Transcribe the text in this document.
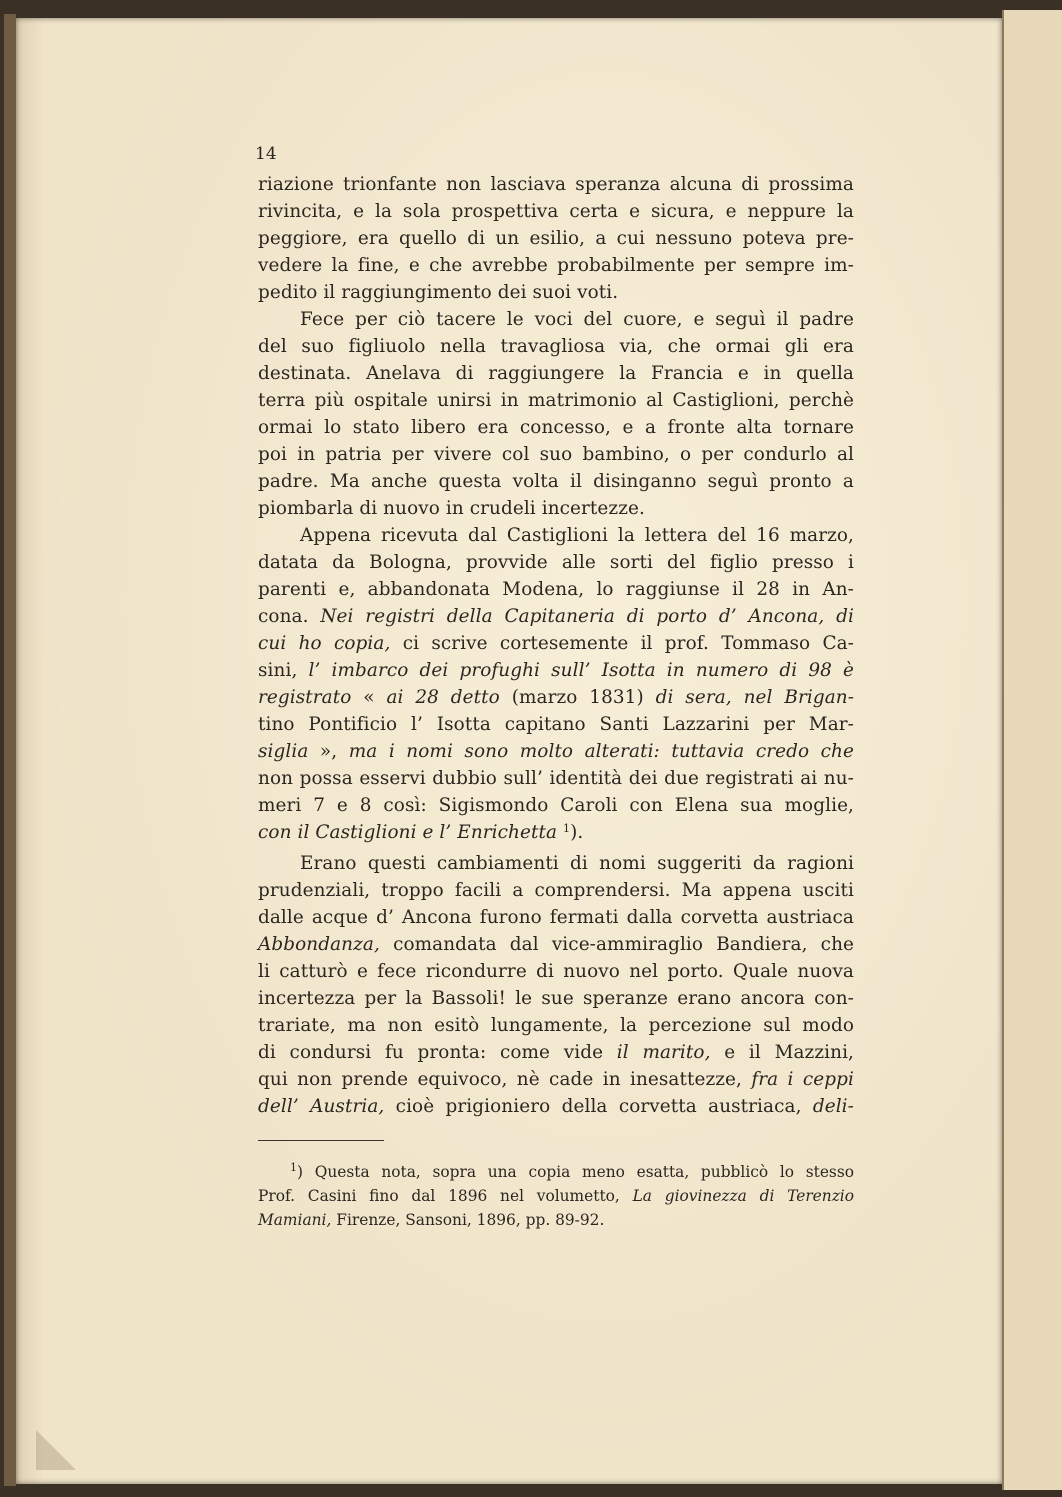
14
riazione trionfante non lasciava speranza alcuna di prossima
rivincita, e la sola prospettiva certa e sicura, e neppure la
peggiore, era quello di un esilio, a cui nessuno poteva pre-
vedere la fine, e che avrebbe probabilmente per sempre im-
pedito il raggiungimento dei suoi voti.
Fece per ciò tacere le voci del cuore, e seguì il padre
del suo figliuolo nella travagliosa via, che ormai gli era
destinata. Anelava di raggiungere la Francia e in quella
terra più ospitale unirsi in matrimonio al Castiglioni, perchè
ormai lo stato libero era concesso, e a fronte alta tornare
poi in patria per vivere col suo bambino, o per condurlo al
padre. Ma anche questa volta il disinganno seguì pronto a
piombarla di nuovo in crudeli incertezze.
Appena ricevuta dal Castiglioni la lettera del 16 marzo,
datata da Bologna, provvide alle sorti del figlio presso i
parenti e, abbandonata Modena, lo raggiunse il 28 in An-
cona. Nei registri della Capitaneria di porto d’ Ancona, di
cui ho copia, ci scrive cortesemente il prof. Tommaso Ca-
sini, l’ imbarco dei profughi sull’ Isotta in numero di 98 è
registrato « ai 28 detto (marzo 1831) di sera, nel Brigan-
tino Pontificio l’ Isotta capitano Santi Lazzarini per Mar-
siglia », ma i nomi sono molto alterati: tuttavia credo che
non possa esservi dubbio sull’ identità dei due registrati ai nu-
meri 7 e 8 così: Sigismondo Caroli con Elena sua moglie,
con il Castiglioni e l’ Enrichetta $^1$).
Erano questi cambiamenti di nomi suggeriti da ragioni
prudenziali, troppo facili a comprendersi. Ma appena usciti
dalle acque d’ Ancona furono fermati dalla corvetta austriaca
Abbondanza, comandata dal vice-ammiraglio Bandiera, che
li catturò e fece ricondurre di nuovo nel porto. Quale nuova
incertezza per la Bassoli! le sue speranze erano ancora con-
trariate, ma non esitò lungamente, la percezione sul modo
di condursi fu pronta: come vide il marito, e il Mazzini,
qui non prende equivoco, nè cade in inesattezze, fra i ceppi
dell’ Austria, cioè prigioniero della corvetta austriaca, deli-
$^1$) Questa nota, sopra una copia meno esatta, pubblicò lo stesso
Prof. Casini fino dal 1896 nel volumetto, La giovinezza di Terenzio
Mamiani, Firenze, Sansoni, 1896, pp. 89-92.
